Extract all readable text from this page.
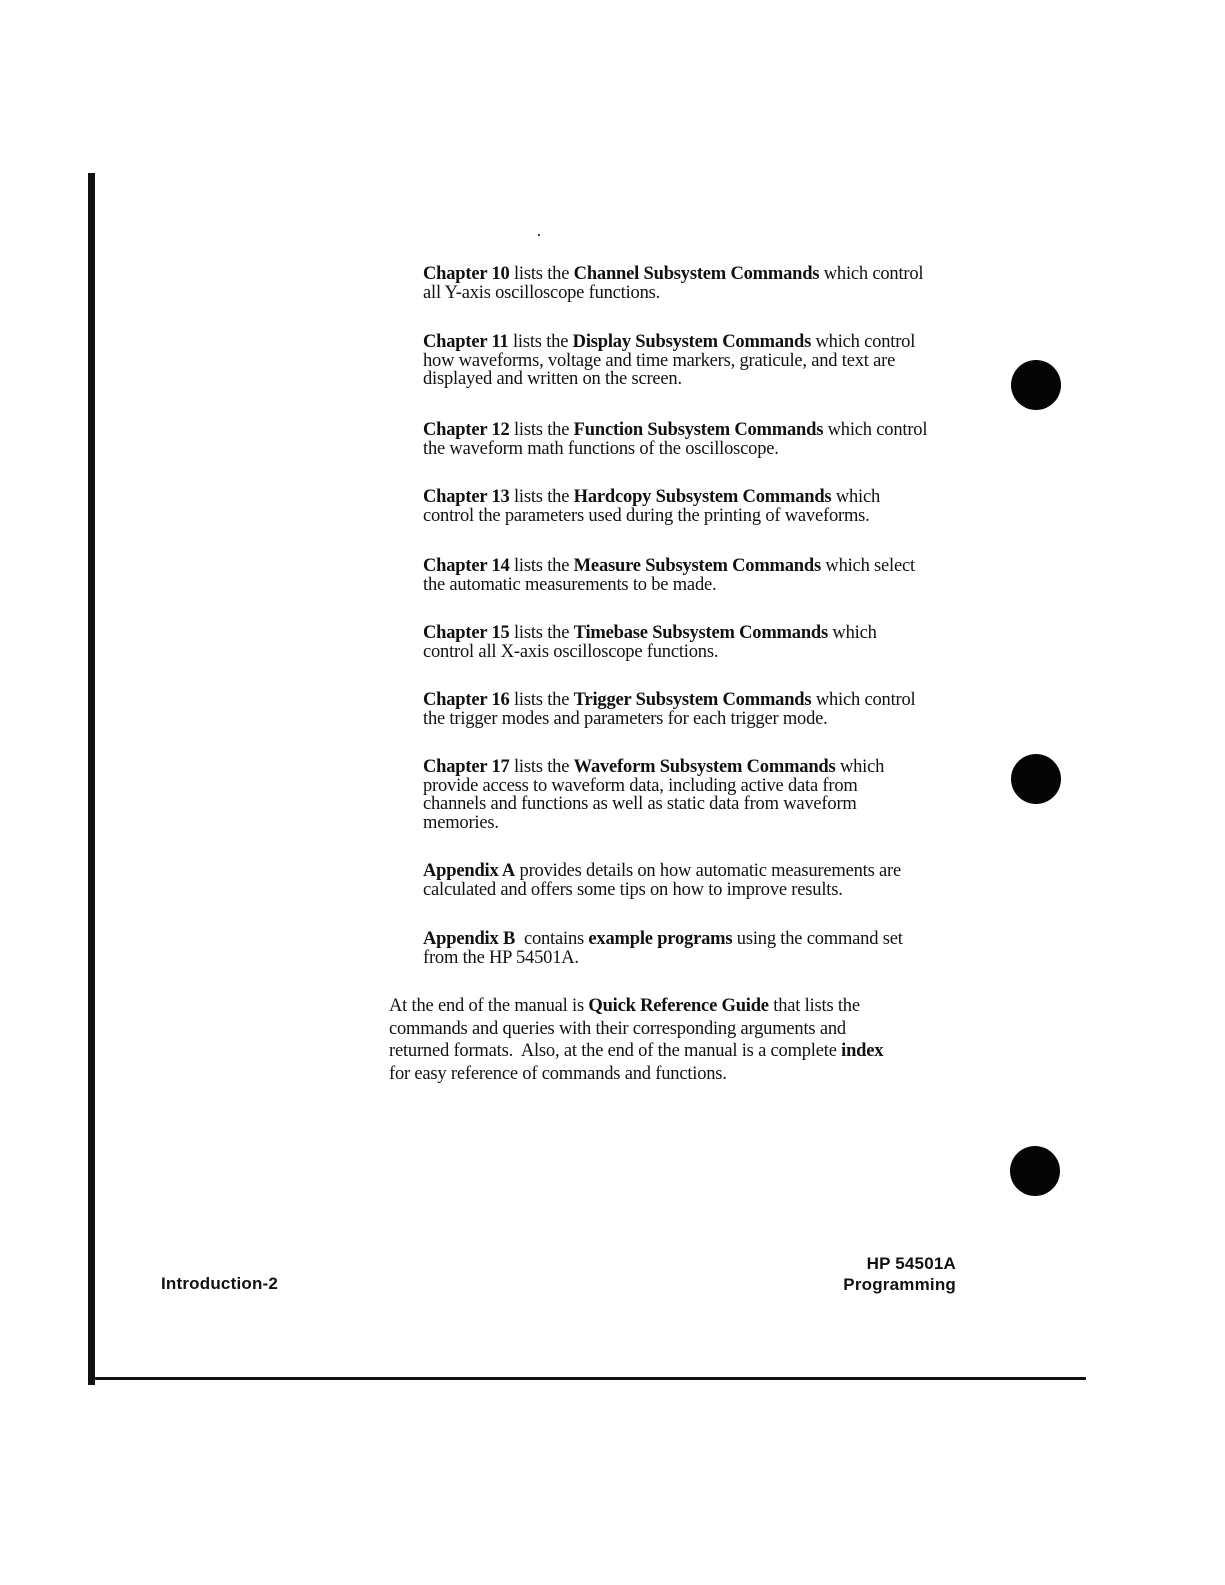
Chapter 10 lists the Channel Subsystem Commands which control
all Y-axis oscilloscope functions.
Chapter 11 lists the Display Subsystem Commands which control
how waveforms, voltage and time markers, graticule, and text are
displayed and written on the screen.
Chapter 12 lists the Function Subsystem Commands which control
the waveform math functions of the oscilloscope.
Chapter 13 lists the Hardcopy Subsystem Commands which
control the parameters used during the printing of waveforms.
Chapter 14 lists the Measure Subsystem Commands which select
the automatic measurements to be made.
Chapter 15 lists the Timebase Subsystem Commands which
control all X-axis oscilloscope functions.
Chapter 16 lists the Trigger Subsystem Commands which control
the trigger modes and parameters for each trigger mode.
Chapter 17 lists the Waveform Subsystem Commands which
provide access to waveform data, including active data from
channels and functions as well as static data from waveform
memories.
Appendix A provides details on how automatic measurements are
calculated and offers some tips on how to improve results.
Appendix B  contains example programs using the command set
from the HP 54501A.
At the end of the manual is Quick Reference Guide that lists the
commands and queries with their corresponding arguments and
returned formats.  Also, at the end of the manual is a complete index
for easy reference of commands and functions.
Introduction-2
HP 54501A
Programming
